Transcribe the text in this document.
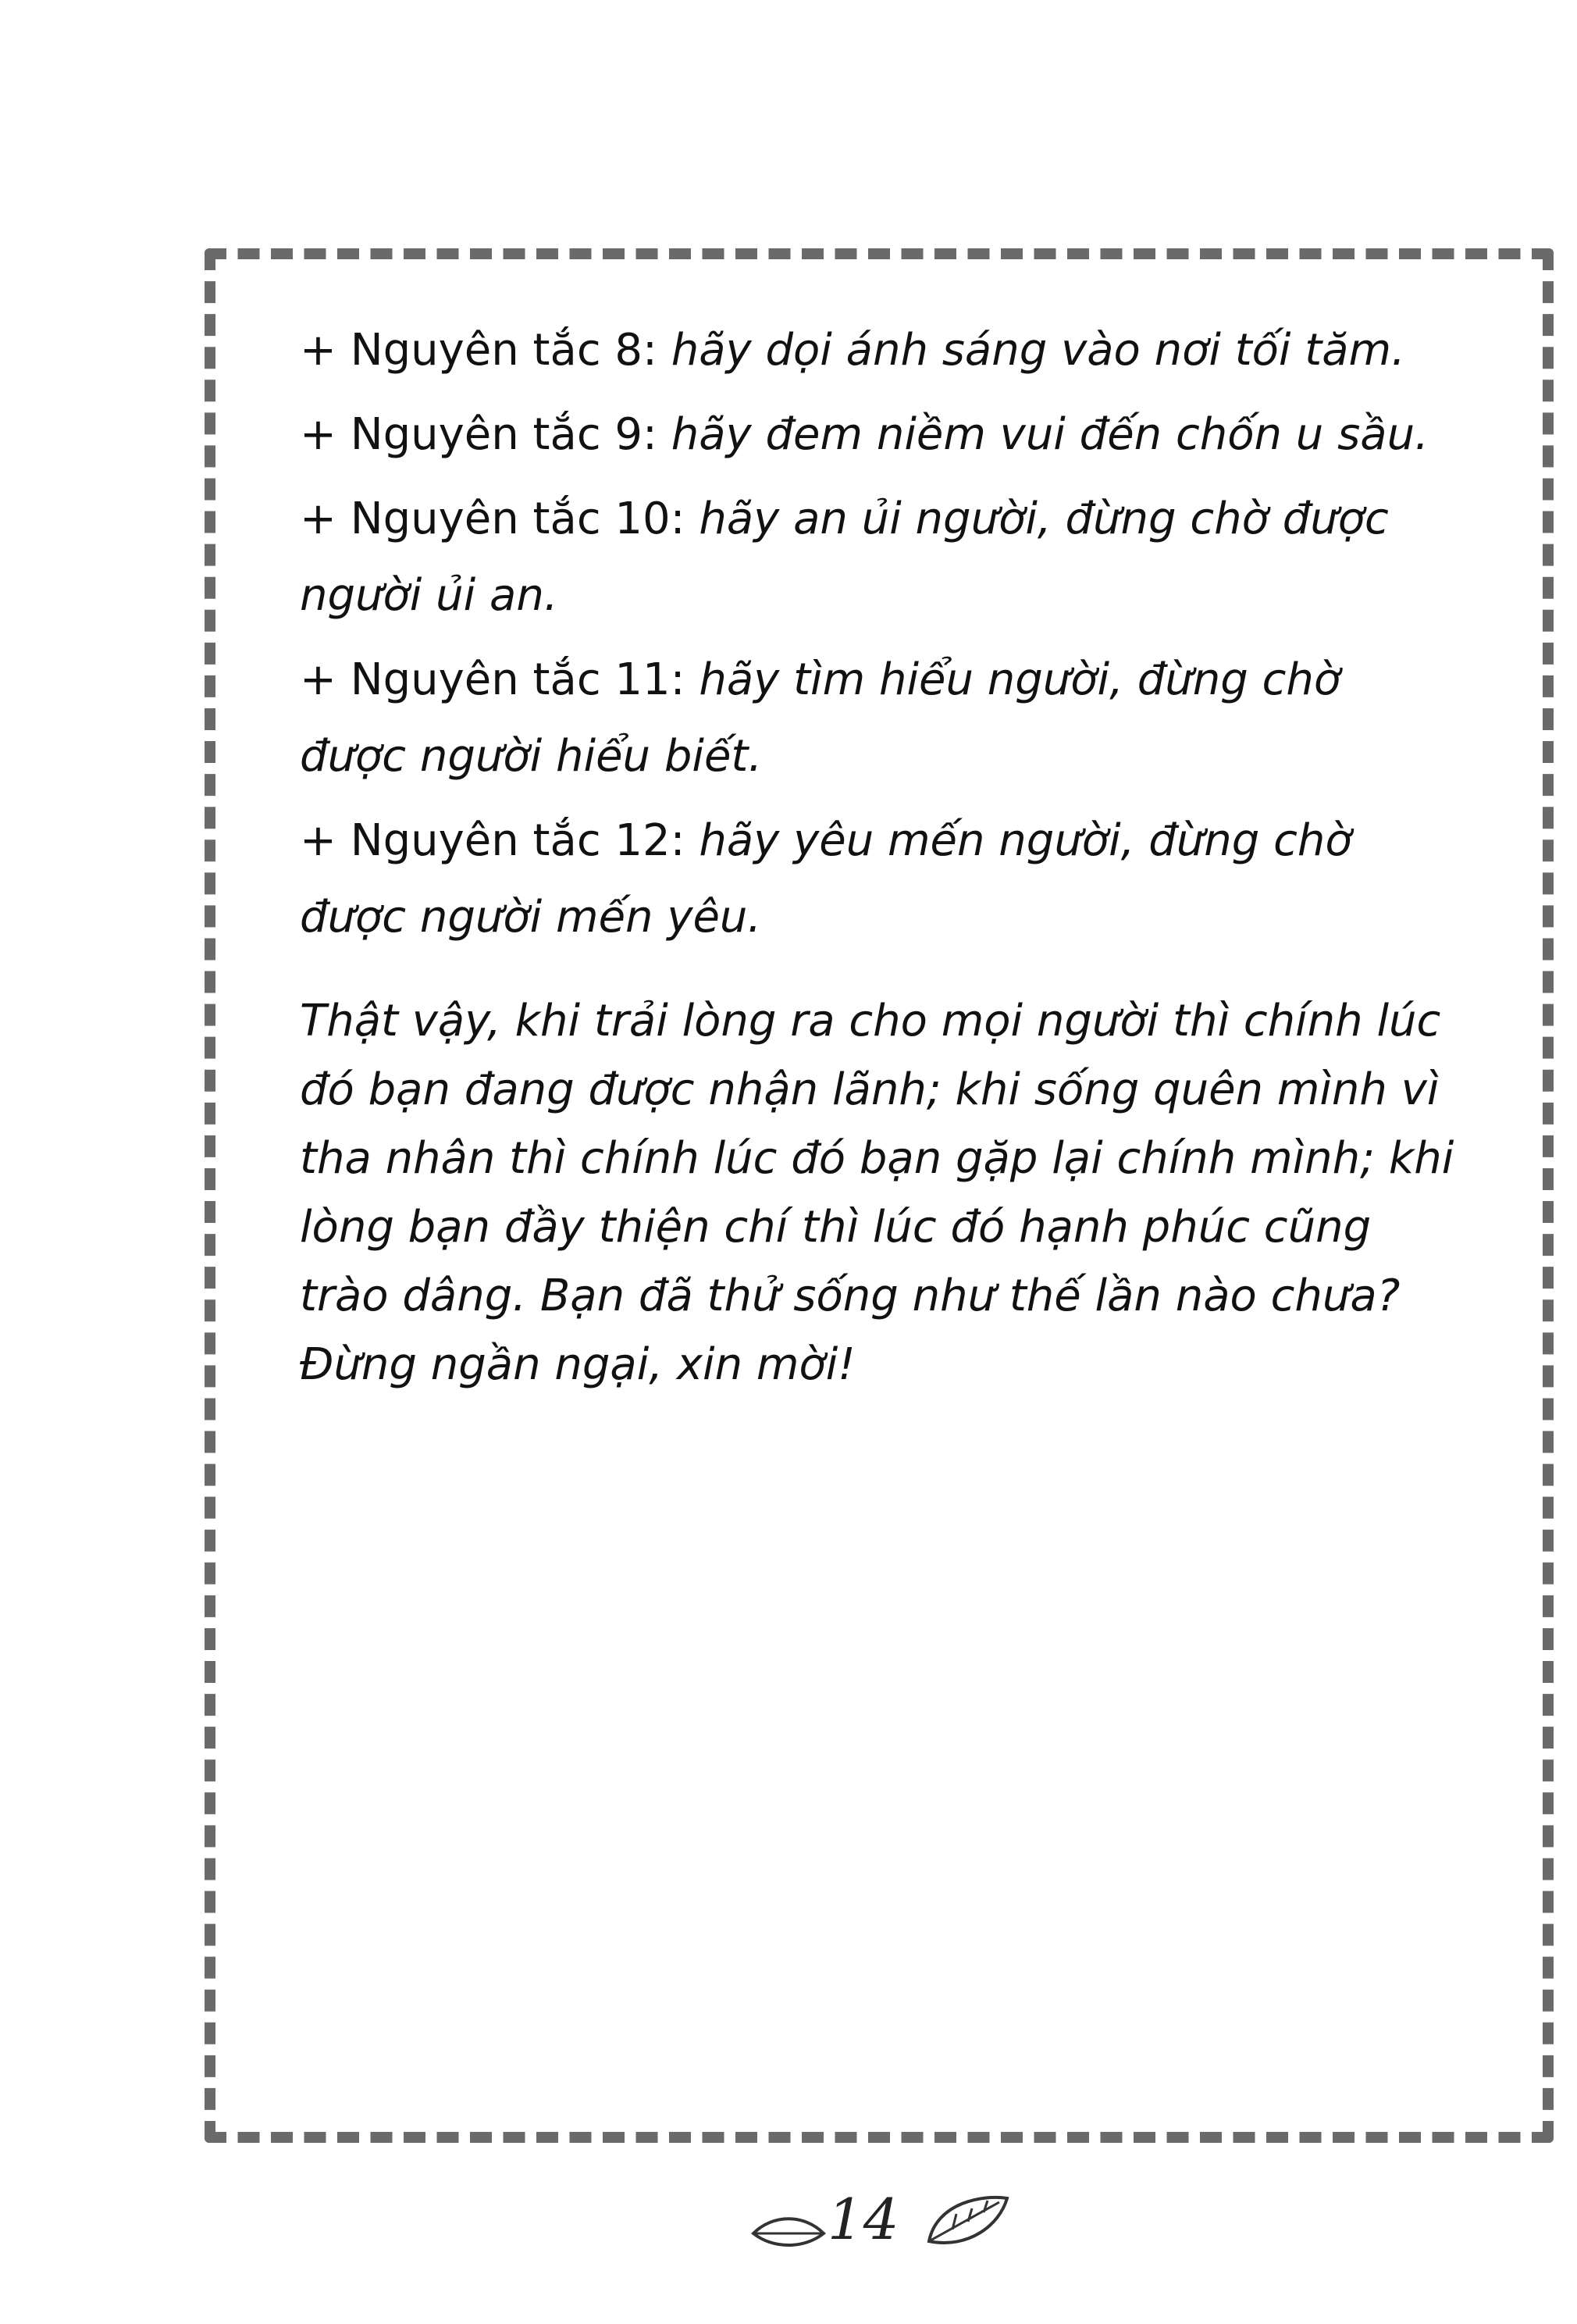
+ Nguyên tắc 8: hãy dọi ánh sáng vào nơi tối tăm.

+ Nguyên tắc 9: hãy đem niềm vui đến chốn u sầu.

+ Nguyên tắc 10: hãy an ủi người, đừng chờ được người ủi an.

+ Nguyên tắc 11: hãy tìm hiểu người, đừng chờ được người hiểu biết.

+ Nguyên tắc 12: hãy yêu mến người, đừng chờ được người mến yêu.

Thật vậy, khi trải lòng ra cho mọi người thì chính lúc đó bạn đang được nhận lãnh; khi sống quên mình vì tha nhân thì chính lúc đó bạn gặp lại chính mình; khi lòng bạn đầy thiện chí thì lúc đó hạnh phúc cũng trào dâng. Bạn đã thử sống như thế lần nào chưa? Đừng ngần ngại, xin mời!

14
